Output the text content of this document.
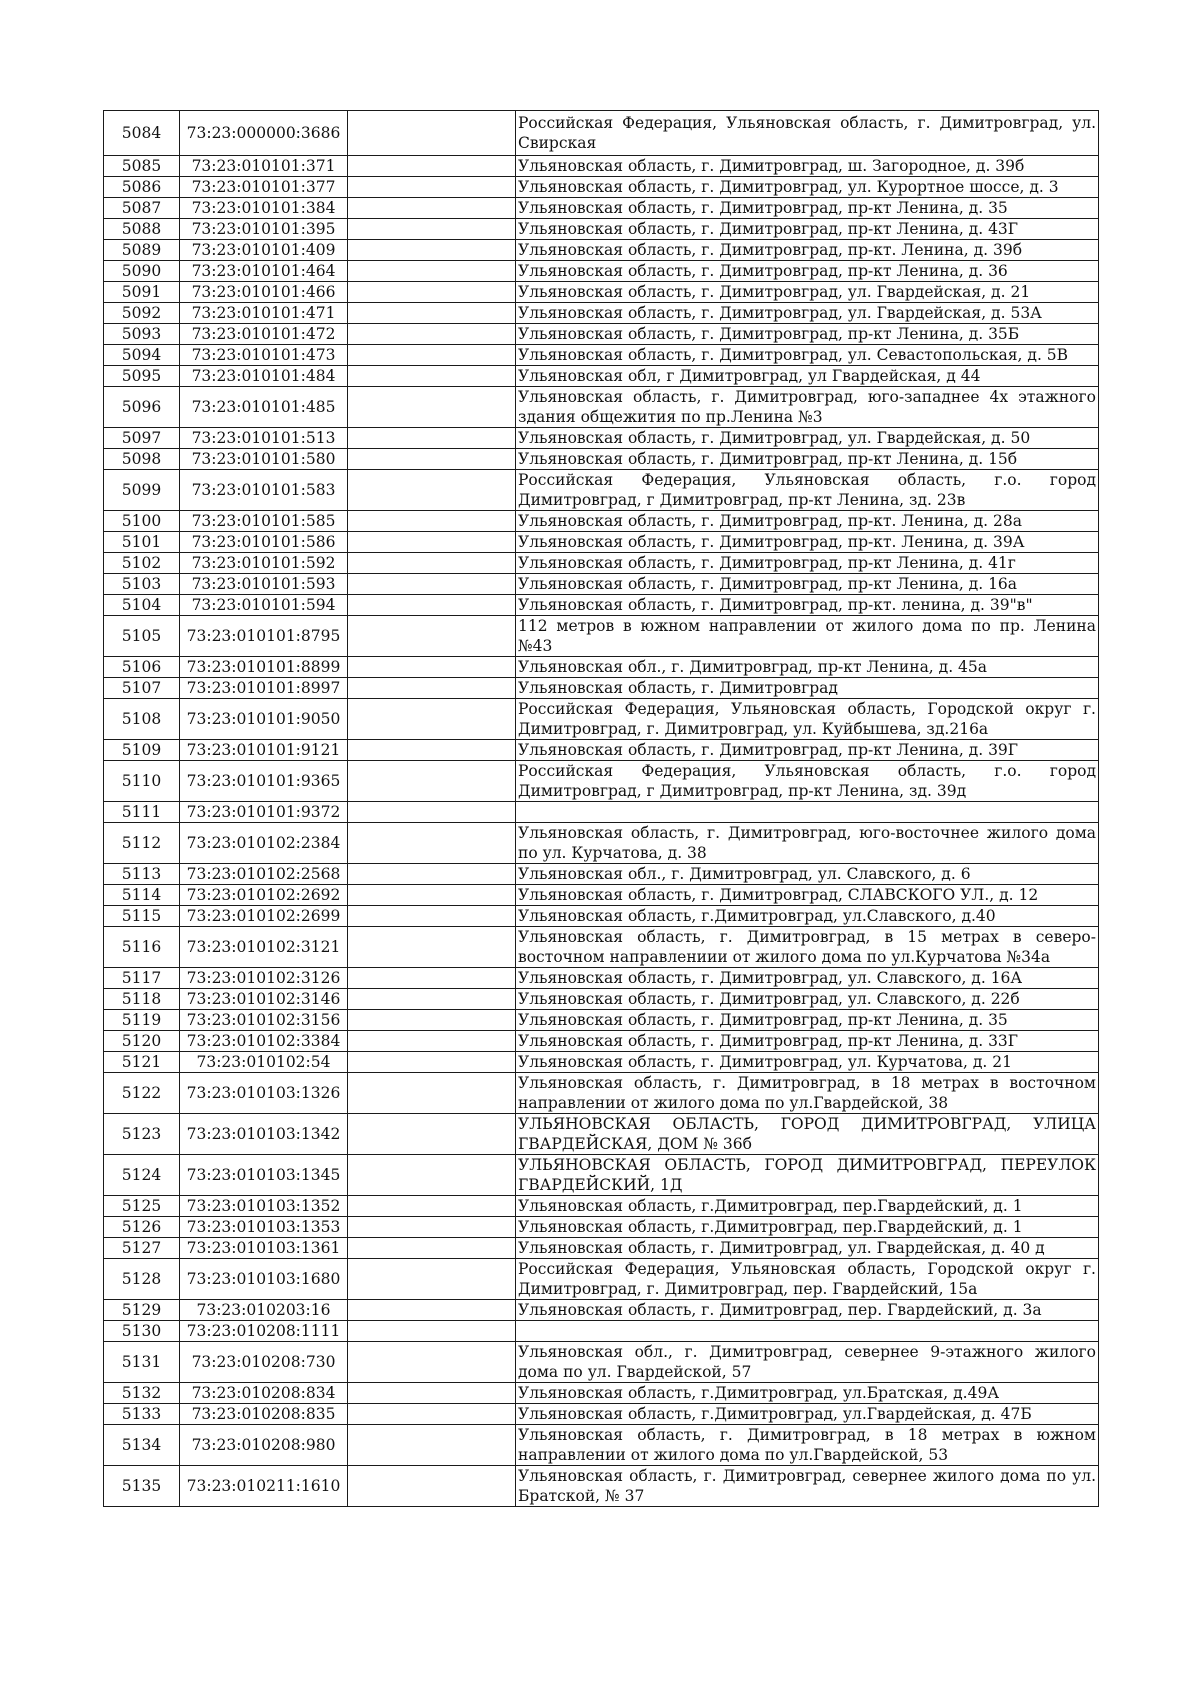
5084	73:23:000000:3686		Российская Федерация, Ульяновская область, г. Димитровград, ул. Свирская
5085	73:23:010101:371		Ульяновская область, г. Димитровград, ш. Загородное, д. 39б
5086	73:23:010101:377		Ульяновская область, г. Димитровград, ул. Курортное шоссе, д. 3
5087	73:23:010101:384		Ульяновская область, г. Димитровград, пр-кт Ленина, д. 35
5088	73:23:010101:395		Ульяновская область, г. Димитровград, пр-кт Ленина, д. 43Г
5089	73:23:010101:409		Ульяновская область, г. Димитровград, пр-кт. Ленина, д. 39б
5090	73:23:010101:464		Ульяновская область, г. Димитровград, пр-кт Ленина, д. 36
5091	73:23:010101:466		Ульяновская область, г. Димитровград, ул. Гвардейская, д. 21
5092	73:23:010101:471		Ульяновская область, г. Димитровград, ул. Гвардейская, д. 53А
5093	73:23:010101:472		Ульяновская область, г. Димитровград, пр-кт Ленина, д. 35Б
5094	73:23:010101:473		Ульяновская область, г. Димитровград, ул. Севастопольская, д. 5В
5095	73:23:010101:484		Ульяновская обл, г Димитровград, ул Гвардейская, д 44
5096	73:23:010101:485		Ульяновская область, г. Димитровград, юго-западнее 4х этажного здания общежития по пр.Ленина №3
5097	73:23:010101:513		Ульяновская область, г. Димитровград, ул. Гвардейская, д. 50
5098	73:23:010101:580		Ульяновская область, г. Димитровград, пр-кт Ленина, д. 15б
5099	73:23:010101:583		Российская Федерация, Ульяновская область, г.о. город Димитровград, г Димитровград, пр-кт Ленина, зд. 23в
5100	73:23:010101:585		Ульяновская область, г. Димитровград, пр-кт. Ленина, д. 28а
5101	73:23:010101:586		Ульяновская область, г. Димитровград, пр-кт. Ленина, д. 39А
5102	73:23:010101:592		Ульяновская область, г. Димитровград, пр-кт Ленина, д. 41г
5103	73:23:010101:593		Ульяновская область, г. Димитровград, пр-кт Ленина, д. 16а
5104	73:23:010101:594		Ульяновская область, г. Димитровград, пр-кт. ленина, д. 39"в"
5105	73:23:010101:8795		112 метров в южном направлении от жилого дома по пр. Ленина №43
5106	73:23:010101:8899		Ульяновская обл., г. Димитровград, пр-кт Ленина, д. 45а
5107	73:23:010101:8997		Ульяновская область, г. Димитровград
5108	73:23:010101:9050		Российская Федерация, Ульяновская область, Городской округ г. Димитровград, г. Димитровград, ул. Куйбышева, зд.216а
5109	73:23:010101:9121		Ульяновская область, г. Димитровград, пр-кт Ленина, д. 39Г
5110	73:23:010101:9365		Российская Федерация, Ульяновская область, г.о. город Димитровград, г Димитровград, пр-кт Ленина, зд. 39д
5111	73:23:010101:9372		
5112	73:23:010102:2384		Ульяновская область, г. Димитровград, юго-восточнее жилого дома по ул. Курчатова, д. 38
5113	73:23:010102:2568		Ульяновская обл., г. Димитровград, ул. Славского, д. 6
5114	73:23:010102:2692		Ульяновская область, г. Димитровград, СЛАВСКОГО УЛ., д. 12
5115	73:23:010102:2699		Ульяновская область, г.Димитровград, ул.Славского, д.40
5116	73:23:010102:3121		Ульяновская область, г. Димитровград, в 15 метрах в северо-восточном направлениии от жилого дома по ул.Курчатова №34а
5117	73:23:010102:3126		Ульяновская область, г. Димитровград, ул. Славского, д. 16А
5118	73:23:010102:3146		Ульяновская область, г. Димитровград, ул. Славского, д. 22б
5119	73:23:010102:3156		Ульяновская область, г. Димитровград, пр-кт Ленина, д. 35
5120	73:23:010102:3384		Ульяновская область, г. Димитровград, пр-кт Ленина, д. 33Г
5121	73:23:010102:54		Ульяновская область, г. Димитровград, ул. Курчатова, д. 21
5122	73:23:010103:1326		Ульяновская область, г. Димитровград, в 18 метрах в восточном направлении от жилого дома по ул.Гвардейской, 38
5123	73:23:010103:1342		УЛЬЯНОВСКАЯ ОБЛАСТЬ, ГОРОД ДИМИТРОВГРАД, УЛИЦА ГВАРДЕЙСКАЯ, ДОМ № 36б
5124	73:23:010103:1345		УЛЬЯНОВСКАЯ ОБЛАСТЬ, ГОРОД ДИМИТРОВГРАД, ПЕРЕУЛОК ГВАРДЕЙСКИЙ, 1Д
5125	73:23:010103:1352		Ульяновская область, г.Димитровград, пер.Гвардейский, д. 1
5126	73:23:010103:1353		Ульяновская область, г.Димитровград, пер.Гвардейский, д. 1
5127	73:23:010103:1361		Ульяновская область, г. Димитровград, ул. Гвардейская, д. 40 д
5128	73:23:010103:1680		Российская Федерация, Ульяновская область, Городской округ г. Димитровград, г. Димитровград, пер. Гвардейский, 15а
5129	73:23:010203:16		Ульяновская область, г. Димитровград, пер. Гвардейский, д. 3а
5130	73:23:010208:1111		
5131	73:23:010208:730		Ульяновская обл., г. Димитровград, севернее 9-этажного жилого дома по ул. Гвардейской, 57
5132	73:23:010208:834		Ульяновская область, г.Димитровград, ул.Братская, д.49А
5133	73:23:010208:835		Ульяновская область, г.Димитровград, ул.Гвардейская, д. 47Б
5134	73:23:010208:980		Ульяновская область, г. Димитровград, в 18 метрах в южном направлении от жилого дома по ул.Гвардейской, 53
5135	73:23:010211:1610		Ульяновская область, г. Димитровград, севернее жилого дома по ул. Братской, № 37
